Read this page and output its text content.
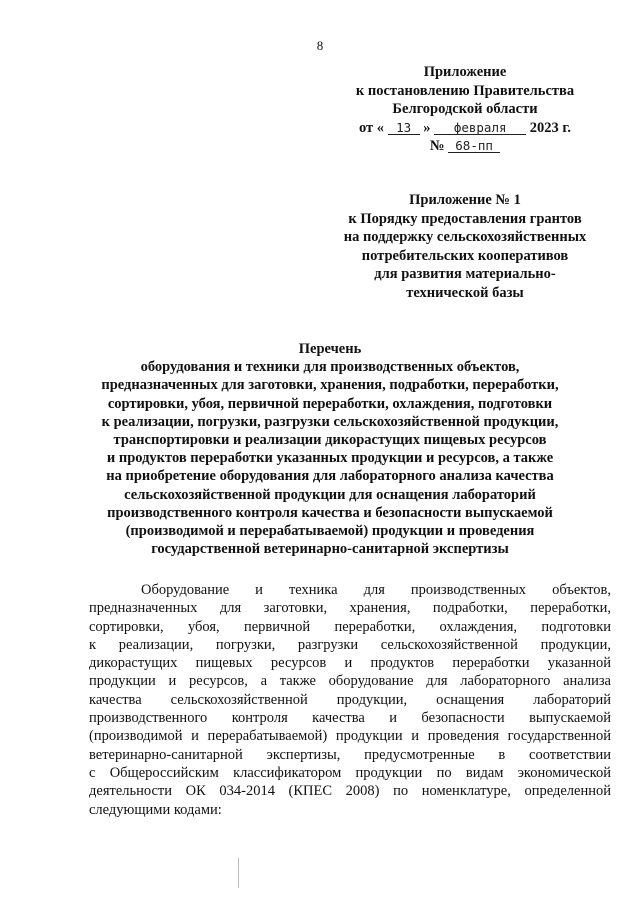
8
Приложение
к постановлению Правительства
Белгородской области
от « 13 » февраля 2023 г.
№ 68-пп
Приложение № 1
к Порядку предоставления грантов
на поддержку сельскохозяйственных
потребительских кооперативов
для развития материально-
технической базы
Перечень
оборудования и техники для производственных объектов,
предназначенных для заготовки, хранения, подработки, переработки,
сортировки, убоя, первичной переработки, охлаждения, подготовки
к реализации, погрузки, разгрузки сельскохозяйственной продукции,
транспортировки и реализации дикорастущих пищевых ресурсов
и продуктов переработки указанных продукции и ресурсов, а также
на приобретение оборудования для лабораторного анализа качества
сельскохозяйственной продукции для оснащения лабораторий
производственного контроля качества и безопасности выпускаемой
(производимой и перерабатываемой) продукции и проведения
государственной ветеринарно-санитарной экспертизы
Оборудование и техника для производственных объектов,
предназначенных для заготовки, хранения, подработки, переработки,
сортировки, убоя, первичной переработки, охлаждения, подготовки
к реализации, погрузки, разгрузки сельскохозяйственной продукции,
дикорастущих пищевых ресурсов и продуктов переработки указанной
продукции и ресурсов, а также оборудование для лабораторного анализа
качества сельскохозяйственной продукции, оснащения лабораторий
производственного контроля качества и безопасности выпускаемой
(производимой и перерабатываемой) продукции и проведения государственной
ветеринарно-санитарной экспертизы, предусмотренные в соответствии
с Общероссийским классификатором продукции по видам экономической
деятельности ОК 034-2014 (КПЕС 2008) по номенклатуре, определенной
следующими кодами:
